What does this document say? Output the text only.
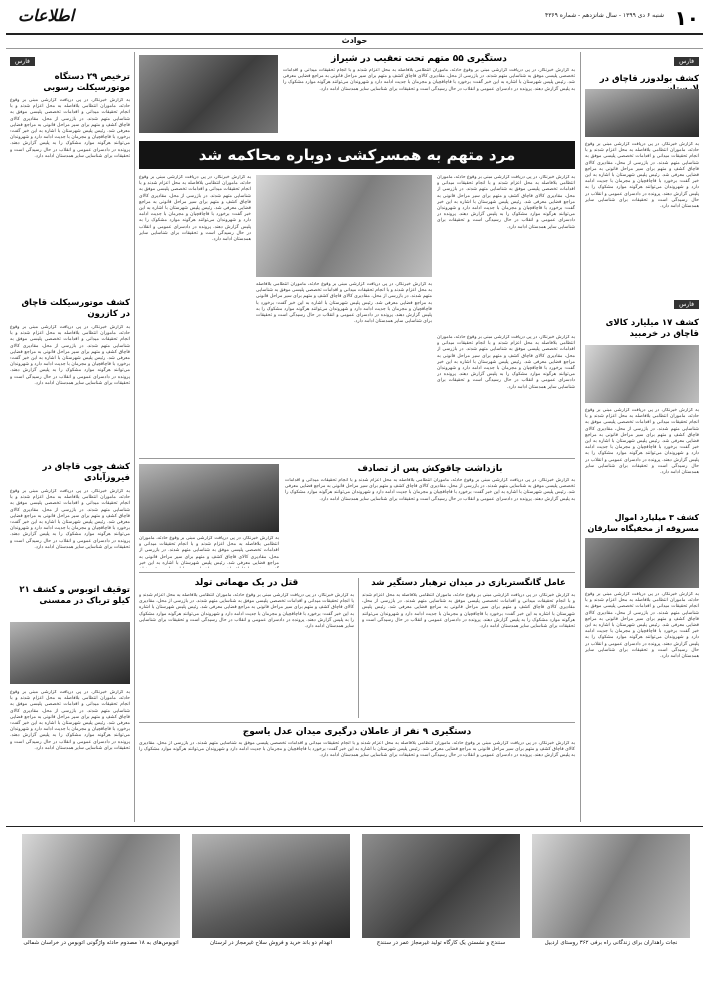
۱۰
شنبه ۶ دی ۱۳۹۹ - سال شانزدهم - شماره ۴۳۶۹
اطلاعات
حوادث
فارس
کشف بولدوزر قاچاق در
به گزارش خبرنگار، در پی دریافت گزارشی مبنی بر وقوع حادثه، ماموران انتظامی بلافاصله به محل اعزام شدند و با انجام تحقیقات میدانی و اقدامات تخصصی پلیسی موفق به شناسایی متهم شدند. در بازرسی از محل، مقادیری کالای قاچاق کشف و متهم برای سیر مراحل قانونی به مراجع قضایی معرفی شد. رئیس پلیس شهرستان با اشاره به این خبر گفت: برخورد با قاچاقچیان و مجرمان با جدیت ادامه دارد و شهروندان می‌توانند هرگونه موارد مشکوک را به پلیس گزارش دهند. پرونده در دادسرای عمومی و انقلاب در حال رسیدگی است و تحقیقات برای شناسایی سایر همدستان ادامه دارد.
فارس
کشف ۱۷ میلیارد کالای قاچاق در خرمبید
به گزارش خبرنگار، در پی دریافت گزارشی مبنی بر وقوع حادثه، ماموران انتظامی بلافاصله به محل اعزام شدند و با انجام تحقیقات میدانی و اقدامات تخصصی پلیسی موفق به شناسایی متهم شدند. در بازرسی از محل، مقادیری کالای قاچاق کشف و متهم برای سیر مراحل قانونی به مراجع قضایی معرفی شد. رئیس پلیس شهرستان با اشاره به این خبر گفت: برخورد با قاچاقچیان و مجرمان با جدیت ادامه دارد و شهروندان می‌توانند هرگونه موارد مشکوک را به پلیس گزارش دهند. پرونده در دادسرای عمومی و انقلاب در حال رسیدگی است و تحقیقات برای شناسایی سایر همدستان ادامه دارد.
کشف ۳ میلیارد اموال مسروقه از مخفیگاه سارقان
به گزارش خبرنگار، در پی دریافت گزارشی مبنی بر وقوع حادثه، ماموران انتظامی بلافاصله به محل اعزام شدند و با انجام تحقیقات میدانی و اقدامات تخصصی پلیسی موفق به شناسایی متهم شدند. در بازرسی از محل، مقادیری کالای قاچاق کشف و متهم برای سیر مراحل قانونی به مراجع قضایی معرفی شد. رئیس پلیس شهرستان با اشاره به این خبر گفت: برخورد با قاچاقچیان و مجرمان با جدیت ادامه دارد و شهروندان می‌توانند هرگونه موارد مشکوک را به پلیس گزارش دهند. پرونده در دادسرای عمومی و انقلاب در حال رسیدگی است و تحقیقات برای شناسایی سایر همدستان ادامه دارد.
دستگیری ۵۵ متهم تحت تعقیب در شیراز
به گزارش خبرنگار، در پی دریافت گزارشی مبنی بر وقوع حادثه، ماموران انتظامی بلافاصله به محل اعزام شدند و با انجام تحقیقات میدانی و اقدامات تخصصی پلیسی موفق به شناسایی متهم شدند. در بازرسی از محل، مقادیری کالای قاچاق کشف و متهم برای سیر مراحل قانونی به مراجع قضایی معرفی شد. رئیس پلیس شهرستان با اشاره به این خبر گفت: برخورد با قاچاقچیان و مجرمان با جدیت ادامه دارد و شهروندان می‌توانند هرگونه موارد مشکوک را به پلیس گزارش دهند. پرونده در دادسرای عمومی و انقلاب در حال رسیدگی است و تحقیقات برای شناسایی سایر همدستان ادامه دارد.
مرد متهم به همسرکشی دوباره محاکمه شد
به گزارش خبرنگار، در پی دریافت گزارشی مبنی بر وقوع حادثه، ماموران انتظامی بلافاصله به محل اعزام شدند و با انجام تحقیقات میدانی و اقدامات تخصصی پلیسی موفق به شناسایی متهم شدند. در بازرسی از محل، مقادیری کالای قاچاق کشف و متهم برای سیر مراحل قانونی به مراجع قضایی معرفی شد. رئیس پلیس شهرستان با اشاره به این خبر گفت: برخورد با قاچاقچیان و مجرمان با جدیت ادامه دارد و شهروندان می‌توانند هرگونه موارد مشکوک را به پلیس گزارش دهند. پرونده در دادسرای عمومی و انقلاب در حال رسیدگی است و تحقیقات برای شناسایی سایر همدستان ادامه دارد.
به گزارش خبرنگار، در پی دریافت گزارشی مبنی بر وقوع حادثه، ماموران انتظامی بلافاصله به محل اعزام شدند و با انجام تحقیقات میدانی و اقدامات تخصصی پلیسی موفق به شناسایی متهم شدند. در بازرسی از محل، مقادیری کالای قاچاق کشف و متهم برای سیر مراحل قانونی به مراجع قضایی معرفی شد. رئیس پلیس شهرستان با اشاره به این خبر گفت: برخورد با قاچاقچیان و مجرمان با جدیت ادامه دارد و شهروندان می‌توانند هرگونه موارد مشکوک را به پلیس گزارش دهند. پرونده در دادسرای عمومی و انقلاب در حال رسیدگی است و تحقیقات برای شناسایی سایر همدستان ادامه دارد.
به گزارش خبرنگار، در پی دریافت گزارشی مبنی بر وقوع حادثه، ماموران انتظامی بلافاصله به محل اعزام شدند و با انجام تحقیقات میدانی و اقدامات تخصصی پلیسی موفق به شناسایی متهم شدند. در بازرسی از محل، مقادیری کالای قاچاق کشف و متهم برای سیر مراحل قانونی به مراجع قضایی معرفی شد. رئیس پلیس شهرستان با اشاره به این خبر گفت: برخورد با قاچاقچیان و مجرمان با جدیت ادامه دارد و شهروندان می‌توانند هرگونه موارد مشکوک را به پلیس گزارش دهند. پرونده در دادسرای عمومی و انقلاب در حال رسیدگی است و تحقیقات برای شناسایی سایر همدستان ادامه دارد.
به گزارش خبرنگار، در پی دریافت گزارشی مبنی بر وقوع حادثه، ماموران انتظامی بلافاصله به محل اعزام شدند و با انجام تحقیقات میدانی و اقدامات تخصصی پلیسی موفق به شناسایی متهم شدند. در بازرسی از محل، مقادیری کالای قاچاق کشف و متهم برای سیر مراحل قانونی به مراجع قضایی معرفی شد. رئیس پلیس شهرستان با اشاره به این خبر گفت: برخورد با قاچاقچیان و مجرمان با جدیت ادامه دارد و شهروندان می‌توانند هرگونه موارد مشکوک را به پلیس گزارش دهند. پرونده در دادسرای عمومی و انقلاب در حال رسیدگی است و تحقیقات برای شناسایی سایر همدستان ادامه دارد.
بازداشت چاقوکش پس از تصادف
به گزارش خبرنگار، در پی دریافت گزارشی مبنی بر وقوع حادثه، ماموران انتظامی بلافاصله به محل اعزام شدند و با انجام تحقیقات میدانی و اقدامات تخصصی پلیسی موفق به شناسایی متهم شدند. در بازرسی از محل، مقادیری کالای قاچاق کشف و متهم برای سیر مراحل قانونی به مراجع قضایی معرفی شد. رئیس پلیس شهرستان با اشاره به این خبر گفت: برخورد با قاچاقچیان و مجرمان با جدیت ادامه دارد و شهروندان می‌توانند هرگونه موارد مشکوک را به پلیس گزارش دهند. پرونده در دادسرای عمومی و انقلاب در حال رسیدگی است و تحقیقات برای شناسایی سایر همدستان ادامه دارد.
به گزارش خبرنگار، در پی دریافت گزارشی مبنی بر وقوع حادثه، ماموران انتظامی بلافاصله به محل اعزام شدند و با انجام تحقیقات میدانی و اقدامات تخصصی پلیسی موفق به شناسایی متهم شدند. در بازرسی از محل، مقادیری کالای قاچاق کشف و متهم برای سیر مراحل قانونی به مراجع قضایی معرفی شد. رئیس پلیس شهرستان با اشاره به این خبر
قتل در یک مهمانی تولد
به گزارش خبرنگار، در پی دریافت گزارشی مبنی بر وقوع حادثه، ماموران انتظامی بلافاصله به محل اعزام شدند و با انجام تحقیقات میدانی و اقدامات تخصصی پلیسی موفق به شناسایی متهم شدند. در بازرسی از محل، مقادیری کالای قاچاق کشف و متهم برای سیر مراحل قانونی به مراجع قضایی معرفی شد. رئیس پلیس شهرستان با اشاره به این خبر گفت: برخورد با قاچاقچیان و مجرمان با جدیت ادامه دارد و شهروندان می‌توانند هرگونه موارد مشکوک را به پلیس گزارش دهند. پرونده در دادسرای عمومی و انقلاب در حال رسیدگی است و تحقیقات برای شناسایی سایر همدستان ادامه دارد.
عامل گانگستربازی در میدان ترهبار دستگیر شد
به گزارش خبرنگار، در پی دریافت گزارشی مبنی بر وقوع حادثه، ماموران انتظامی بلافاصله به محل اعزام شدند و با انجام تحقیقات میدانی و اقدامات تخصصی پلیسی موفق به شناسایی متهم شدند. در بازرسی از محل، مقادیری کالای قاچاق کشف و متهم برای سیر مراحل قانونی به مراجع قضایی معرفی شد. رئیس پلیس شهرستان با اشاره به این خبر گفت: برخورد با قاچاقچیان و مجرمان با جدیت ادامه دارد و شهروندان می‌توانند هرگونه موارد مشکوک را به پلیس گزارش دهند. پرونده در دادسرای عمومی و انقلاب در حال رسیدگی است و تحقیقات برای شناسایی سایر همدستان ادامه دارد.
دستگیری ۹ نفر از عاملان درگیری میدان عدل یاسوج
به گزارش خبرنگار، در پی دریافت گزارشی مبنی بر وقوع حادثه، ماموران انتظامی بلافاصله به محل اعزام شدند و با انجام تحقیقات میدانی و اقدامات تخصصی پلیسی موفق به شناسایی متهم شدند. در بازرسی از محل، مقادیری کالای قاچاق کشف و متهم برای سیر مراحل قانونی به مراجع قضایی معرفی شد. رئیس پلیس شهرستان با اشاره به این خبر گفت: برخورد با قاچاقچیان و مجرمان با جدیت ادامه دارد و شهروندان می‌توانند هرگونه موارد مشکوک را به پلیس گزارش دهند. پرونده در دادسرای عمومی و انقلاب در حال رسیدگی است و تحقیقات برای شناسایی سایر همدستان ادامه دارد.
فارس
ترخیص ۲۹ دستگاه موتورسیکلت رسوبی
به گزارش خبرنگار، در پی دریافت گزارشی مبنی بر وقوع حادثه، ماموران انتظامی بلافاصله به محل اعزام شدند و با انجام تحقیقات میدانی و اقدامات تخصصی پلیسی موفق به شناسایی متهم شدند. در بازرسی از محل، مقادیری کالای قاچاق کشف و متهم برای سیر مراحل قانونی به مراجع قضایی معرفی شد. رئیس پلیس شهرستان با اشاره به این خبر گفت: برخورد با قاچاقچیان و مجرمان با جدیت ادامه دارد و شهروندان می‌توانند هرگونه موارد مشکوک را به پلیس گزارش دهند. پرونده در دادسرای عمومی و انقلاب در حال رسیدگی است و تحقیقات برای شناسایی سایر همدستان ادامه دارد.
کشف موتورسیکلت قاچاق در کازرون
به گزارش خبرنگار، در پی دریافت گزارشی مبنی بر وقوع حادثه، ماموران انتظامی بلافاصله به محل اعزام شدند و با انجام تحقیقات میدانی و اقدامات تخصصی پلیسی موفق به شناسایی متهم شدند. در بازرسی از محل، مقادیری کالای قاچاق کشف و متهم برای سیر مراحل قانونی به مراجع قضایی معرفی شد. رئیس پلیس شهرستان با اشاره به این خبر گفت: برخورد با قاچاقچیان و مجرمان با جدیت ادامه دارد و شهروندان می‌توانند هرگونه موارد مشکوک را به پلیس گزارش دهند. پرونده در دادسرای عمومی و انقلاب در حال رسیدگی است و تحقیقات برای شناسایی سایر همدستان ادامه دارد.
کشف چوب قاچاق در فیروزآبادی
به گزارش خبرنگار، در پی دریافت گزارشی مبنی بر وقوع حادثه، ماموران انتظامی بلافاصله به محل اعزام شدند و با انجام تحقیقات میدانی و اقدامات تخصصی پلیسی موفق به شناسایی متهم شدند. در بازرسی از محل، مقادیری کالای قاچاق کشف و متهم برای سیر مراحل قانونی به مراجع قضایی معرفی شد. رئیس پلیس شهرستان با اشاره به این خبر گفت: برخورد با قاچاقچیان و مجرمان با جدیت ادامه دارد و شهروندان می‌توانند هرگونه موارد مشکوک را به پلیس گزارش دهند. پرونده در دادسرای عمومی و انقلاب در حال رسیدگی است و تحقیقات برای شناسایی سایر همدستان ادامه دارد.
توقیف اتوبوس و کشف ۲۱ کیلو تریاک در ممسنی
به گزارش خبرنگار، در پی دریافت گزارشی مبنی بر وقوع حادثه، ماموران انتظامی بلافاصله به محل اعزام شدند و با انجام تحقیقات میدانی و اقدامات تخصصی پلیسی موفق به شناسایی متهم شدند. در بازرسی از محل، مقادیری کالای قاچاق کشف و متهم برای سیر مراحل قانونی به مراجع قضایی معرفی شد. رئیس پلیس شهرستان با اشاره به این خبر گفت: برخورد با قاچاقچیان و مجرمان با جدیت ادامه دارد و شهروندان می‌توانند هرگونه موارد مشکوک را به پلیس گزارش دهند. پرونده در دادسرای عمومی و انقلاب در حال رسیدگی است و تحقیقات برای شناسایی سایر همدستان ادامه دارد.
اتوبوس‌های به ۱۸ مصدوم حادثه واژگونی اتوبوس در خراسان شمالی	انهدام دو باند خرید و فروش سلاح غیرمجاز در لرستان	سنندج و نشستن یک کارگاه تولید غیرمجاز عمر در سنندج	نجات راهداران برای زندگانی راه برفی ۳۶۲ روستای اردبیل
